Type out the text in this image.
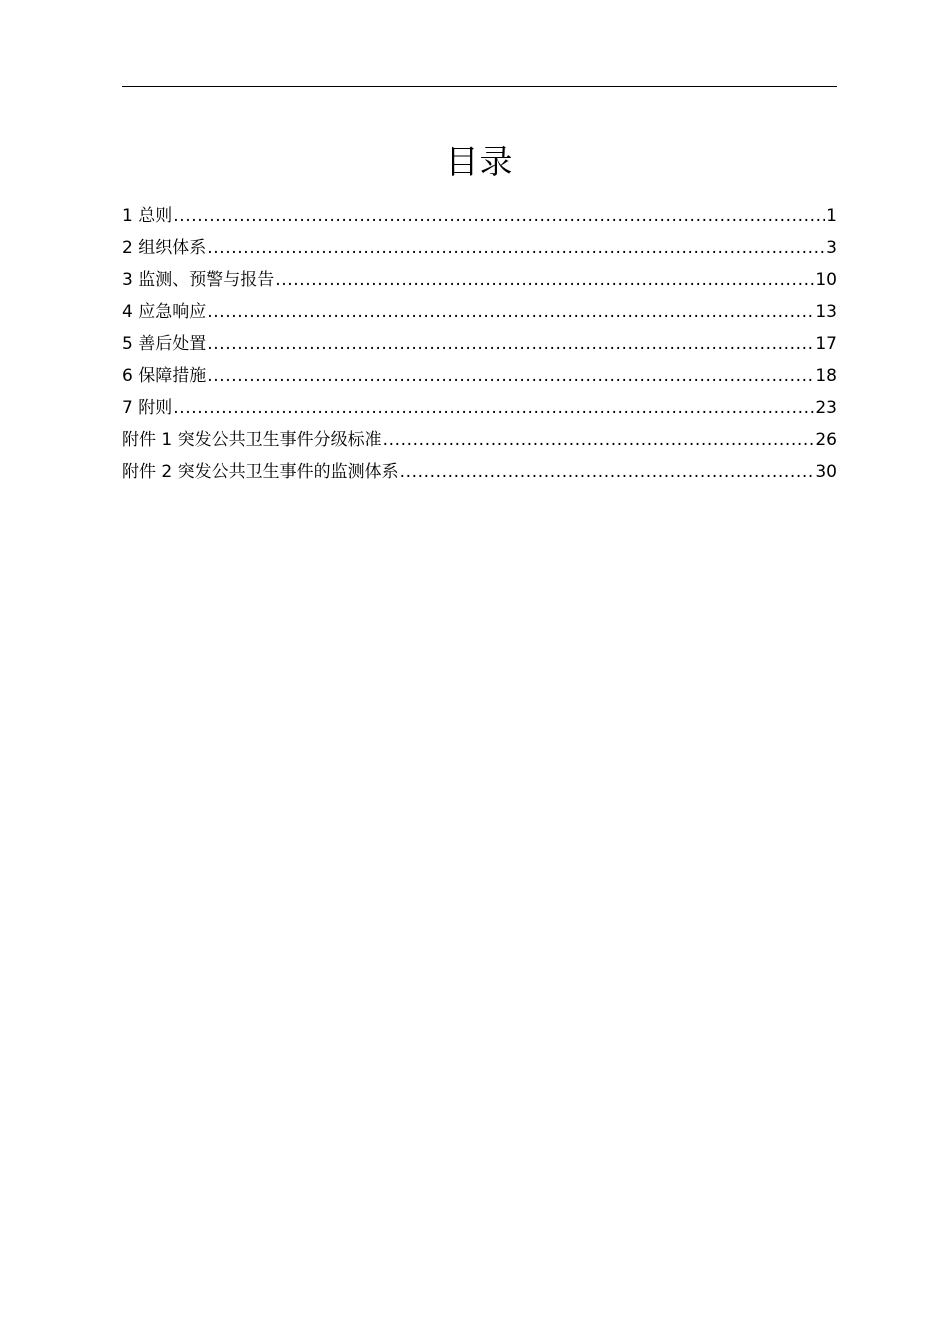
目录
1 总则 .....	1
2 组织体系 .....	3
3 监测、预警与报告 .....	10
4 应急响应 .....	13
5 善后处置 .....	17
6 保障措施 .....	18
7 附则 .....	23
附件 1 突发公共卫生事件分级标准 .....	26
附件 2 突发公共卫生事件的监测体系 .....	30
